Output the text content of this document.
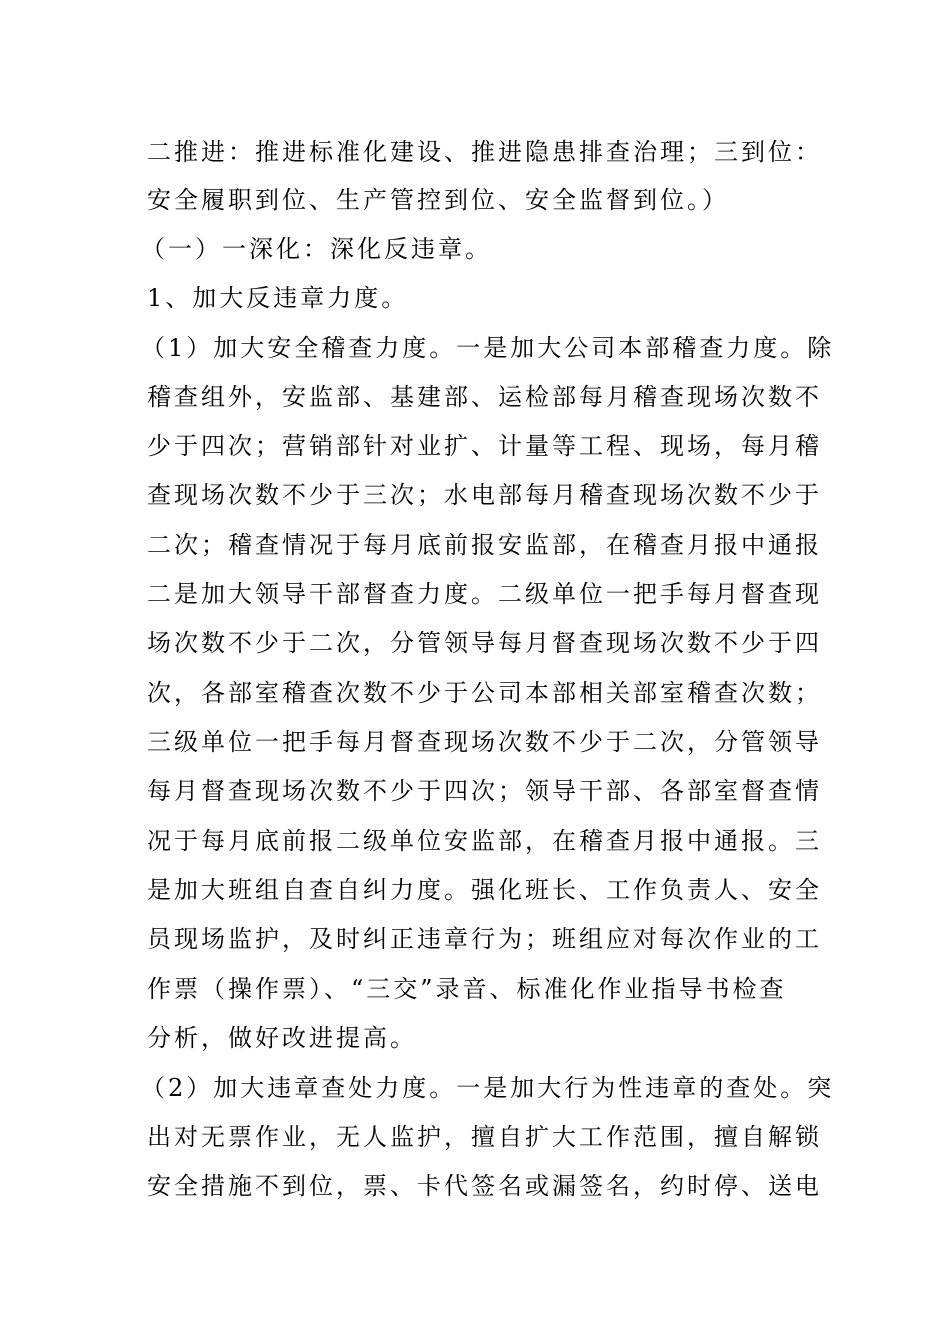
二推进：推进标准化建设、推进隐患排查治理；三到位：
安全履职到位、生产管控到位、安全监督到位。）
（一）一深化：深化反违章。
1、加大反违章力度。
（1）加大安全稽查力度。一是加大公司本部稽查力度。除
稽查组外，安监部、基建部、运检部每月稽查现场次数不
少于四次；营销部针对业扩、计量等工程、现场，每月稽
查现场次数不少于三次；水电部每月稽查现场次数不少于
二次；稽查情况于每月底前报安监部，在稽查月报中通报
二是加大领导干部督查力度。二级单位一把手每月督查现
场次数不少于二次，分管领导每月督查现场次数不少于四
次，各部室稽查次数不少于公司本部相关部室稽查次数；
三级单位一把手每月督查现场次数不少于二次，分管领导
每月督查现场次数不少于四次；领导干部、各部室督查情
况于每月底前报二级单位安监部，在稽查月报中通报。三
是加大班组自查自纠力度。强化班长、工作负责人、安全
员现场监护，及时纠正违章行为；班组应对每次作业的工
作票（操作票）、“三交”录音、标准化作业指导书检查
分析，做好改进提高。
（2）加大违章查处力度。一是加大行为性违章的查处。突
出对无票作业，无人监护，擅自扩大工作范围，擅自解锁
安全措施不到位，票、卡代签名或漏签名，约时停、送电
